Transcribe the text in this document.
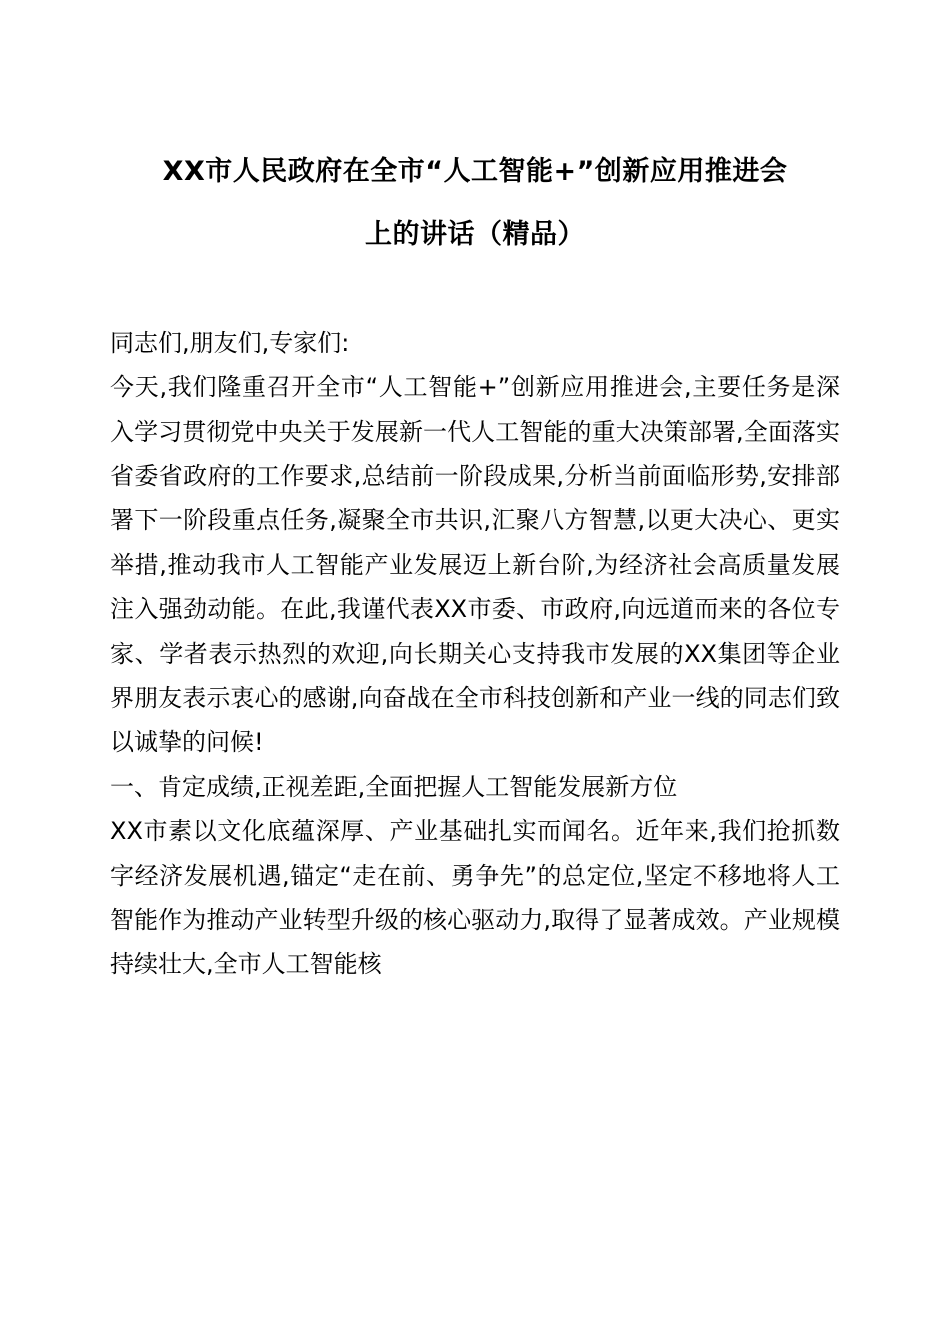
XX市人民政府在全市“人工智能+”创新应用推进会
上的讲话（精品）

同志们,朋友们,专家们:

今天,我们隆重召开全市“人工智能+”创新应用推进会,主要任务是深入学习贯彻党中央关于发展新一代人工智能的重大决策部署,全面落实省委省政府的工作要求,总结前一阶段成果,分析当前面临形势,安排部署下一阶段重点任务,凝聚全市共识,汇聚八方智慧,以更大决心、更实举措,推动我市人工智能产业发展迈上新台阶,为经济社会高质量发展注入强劲动能。在此,我谨代表XX市委、市政府,向远道而来的各位专家、学者表示热烈的欢迎,向长期关心支持我市发展的XX集团等企业界朋友表示衷心的感谢,向奋战在全市科技创新和产业一线的同志们致以诚挚的问候!

一、肯定成绩,正视差距,全面把握人工智能发展新方位

XX市素以文化底蕴深厚、产业基础扎实而闻名。近年来,我们抢抓数字经济发展机遇,锚定“走在前、勇争先”的总定位,坚定不移地将人工智能作为推动产业转型升级的核心驱动力,取得了显著成效。产业规模持续壮大,全市人工智能核
